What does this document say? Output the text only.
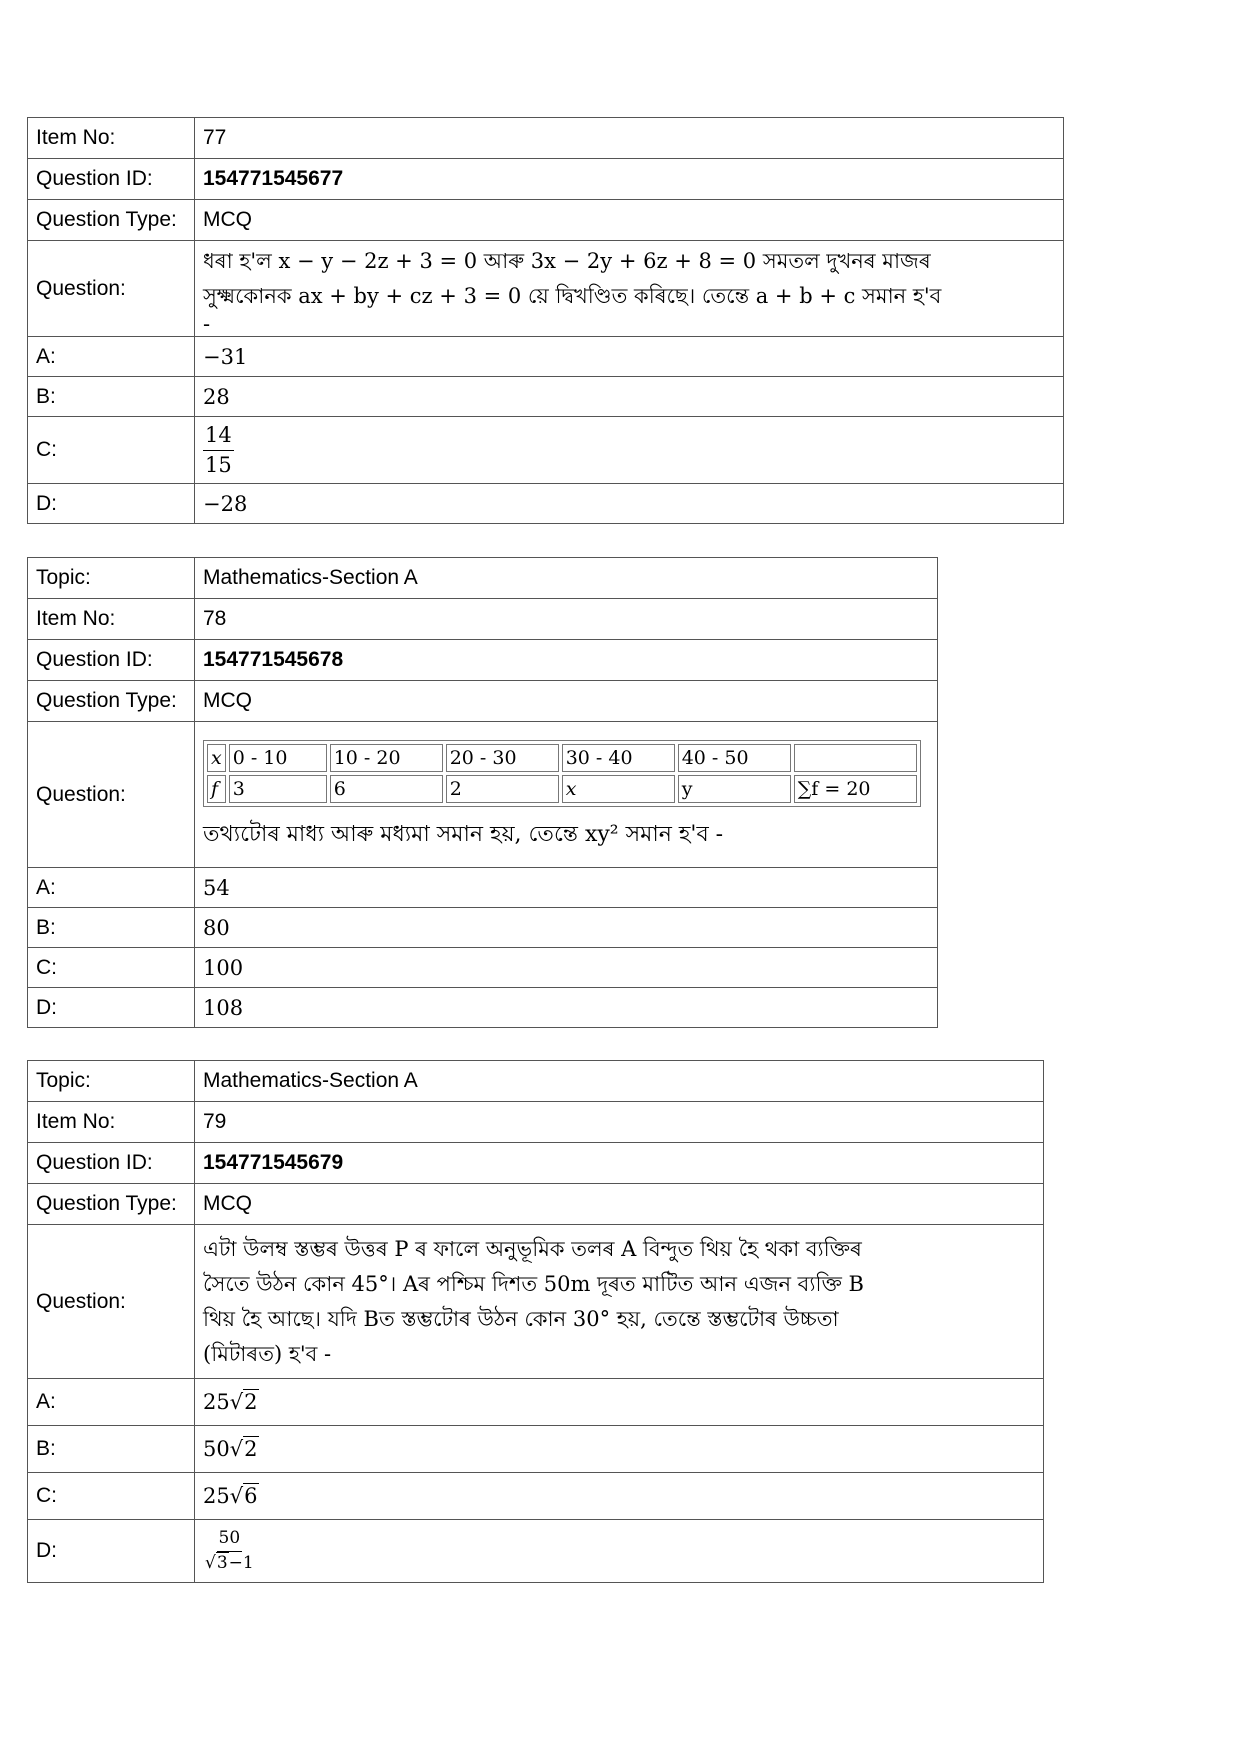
Item No:	77
Question ID:	154771545677
Question Type:	MCQ
Question:	ধৰা হ'ল x − y − 2z + 3 = 0 আৰু 3x − 2y + 6z + 8 = 0 সমতল দুখনৰ মাজৰ
সুক্ষ্মকোনক ax + by + cz + 3 = 0 য়ে দ্বিখণ্ডিত কৰিছে। তেন্তে a + b + c সমান হ'ব
-

A:	−31
B:	28
C:	$\frac{14}{15}$

D:	−28
Topic:	Mathematics-Section A
Item No:	78
Question ID:	154771545678
Question Type:	MCQ
Question:	
x	0 - 10	10 - 20	20 - 30	30 - 40	40 - 50	
f	3	6	2	x	y	∑f = 20
তথ্যটোৰ মাধ্য আৰু মধ্যমা সমান হয়, তেন্তে xy² সমান হ'ব -

A:	54
B:	80
C:	100
D:	108
Topic:	Mathematics-Section A
Item No:	79
Question ID:	154771545679
Question Type:	MCQ
Question:	এটা উলম্ব স্তম্ভৰ উত্তৰ P ৰ ফালে অনুভূমিক তলৰ A বিন্দুত থিয় হৈ থকা ব্যক্তিৰ
সৈতে উঠন কোন 45°। Aৰ পশ্চিম দিশত 50m দূৰত মাটিত আন এজন ব্যক্তি B
থিয় হৈ আছে। যদি Bত স্তম্ভটোৰ উঠন কোন 30° হয়, তেন্তে স্তম্ভটোৰ উচ্চতা
(মিটাৰত) হ'ব -

A:	25√2
B:	50√2
C:	25√6
D:	$\frac{50}{√3-1}$
